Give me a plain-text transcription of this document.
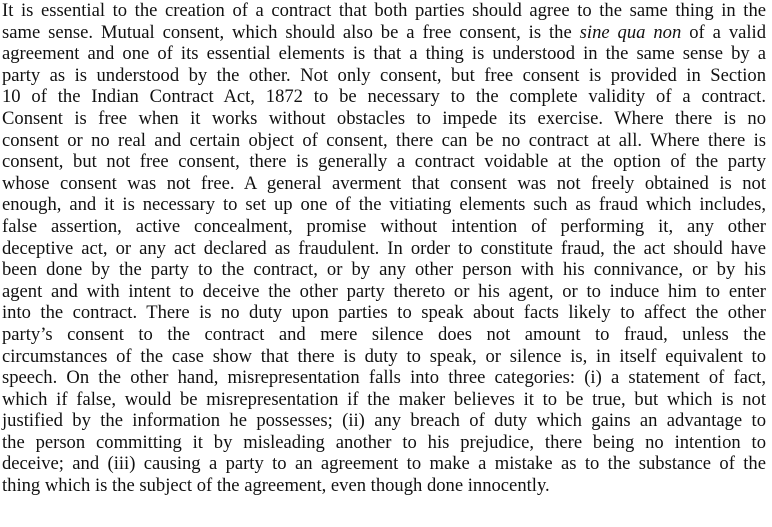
It is essential to the creation of a contract that both parties should agree to the same thing in the
same sense. Mutual consent, which should also be a free consent, is the sine qua non of a valid
agreement and one of its essential elements is that a thing is understood in the same sense by a
party as is understood by the other. Not only consent, but free consent is provided in Section
10 of the Indian Contract Act, 1872 to be necessary to the complete validity of a contract.
Consent is free when it works without obstacles to impede its exercise. Where there is no
consent or no real and certain object of consent, there can be no contract at all. Where there is
consent, but not free consent, there is generally a contract voidable at the option of the party
whose consent was not free. A general averment that consent was not freely obtained is not
enough, and it is necessary to set up one of the vitiating elements such as fraud which includes,
false assertion, active concealment, promise without intention of performing it, any other
deceptive act, or any act declared as fraudulent. In order to constitute fraud, the act should have
been done by the party to the contract, or by any other person with his connivance, or by his
agent and with intent to deceive the other party thereto or his agent, or to induce him to enter
into the contract. There is no duty upon parties to speak about facts likely to affect the other
party’s consent to the contract and mere silence does not amount to fraud, unless the
circumstances of the case show that there is duty to speak, or silence is, in itself equivalent to
speech. On the other hand, misrepresentation falls into three categories: (i) a statement of fact,
which if false, would be misrepresentation if the maker believes it to be true, but which is not
justified by the information he possesses; (ii) any breach of duty which gains an advantage to
the person committing it by misleading another to his prejudice, there being no intention to
deceive; and (iii) causing a party to an agreement to make a mistake as to the substance of the
thing which is the subject of the agreement, even though done innocently.
